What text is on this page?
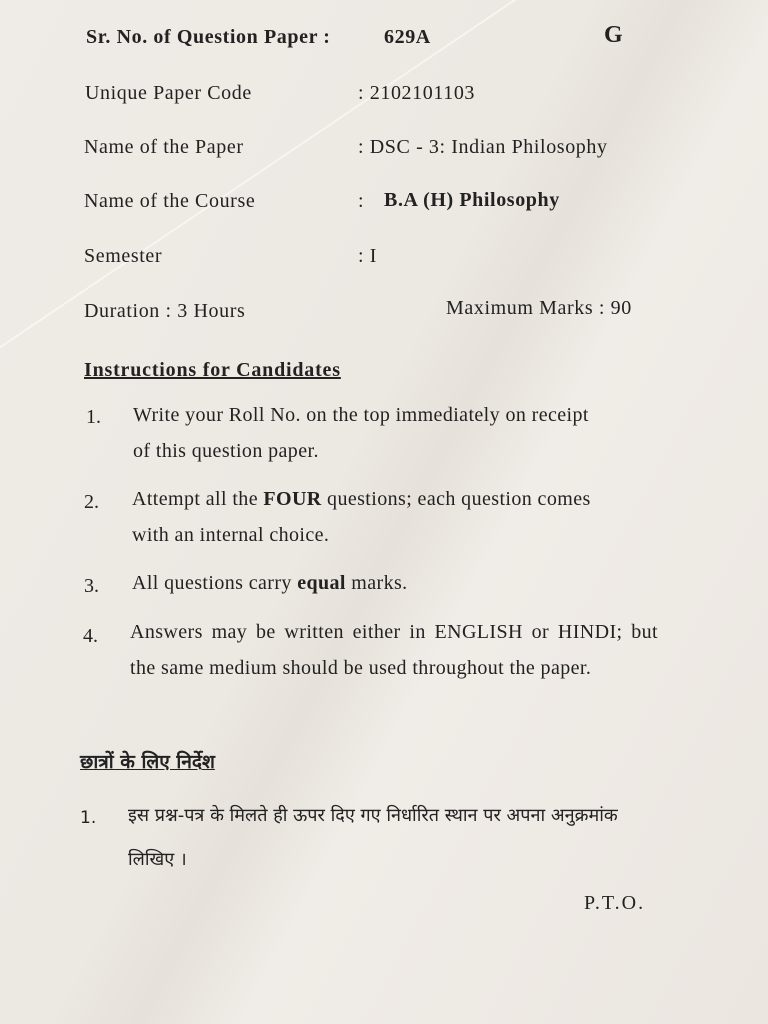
Sr. No. of Question Paper :	629A	G
Unique Paper Code	: 2102101103
Name of the Paper	: DSC - 3: Indian Philosophy
Name of the Course	: B.A (H) Philosophy
Semester	: I
Duration : 3 Hours	Maximum Marks : 90
Instructions for Candidates
1. Write your Roll No. on the top immediately on receipt
of this question paper.
2. Attempt all the FOUR questions; each question comes
with an internal choice.
3. All questions carry equal marks.
4. Answers may be written either in ENGLISH or HINDI; but the same medium should be used throughout the paper.
छात्रों के लिए निर्देश
1. इस प्रश्न-पत्र के मिलते ही ऊपर दिए गए निर्धारित स्थान पर अपना अनुक्रमांक लिखिए ।
P.T.O.
